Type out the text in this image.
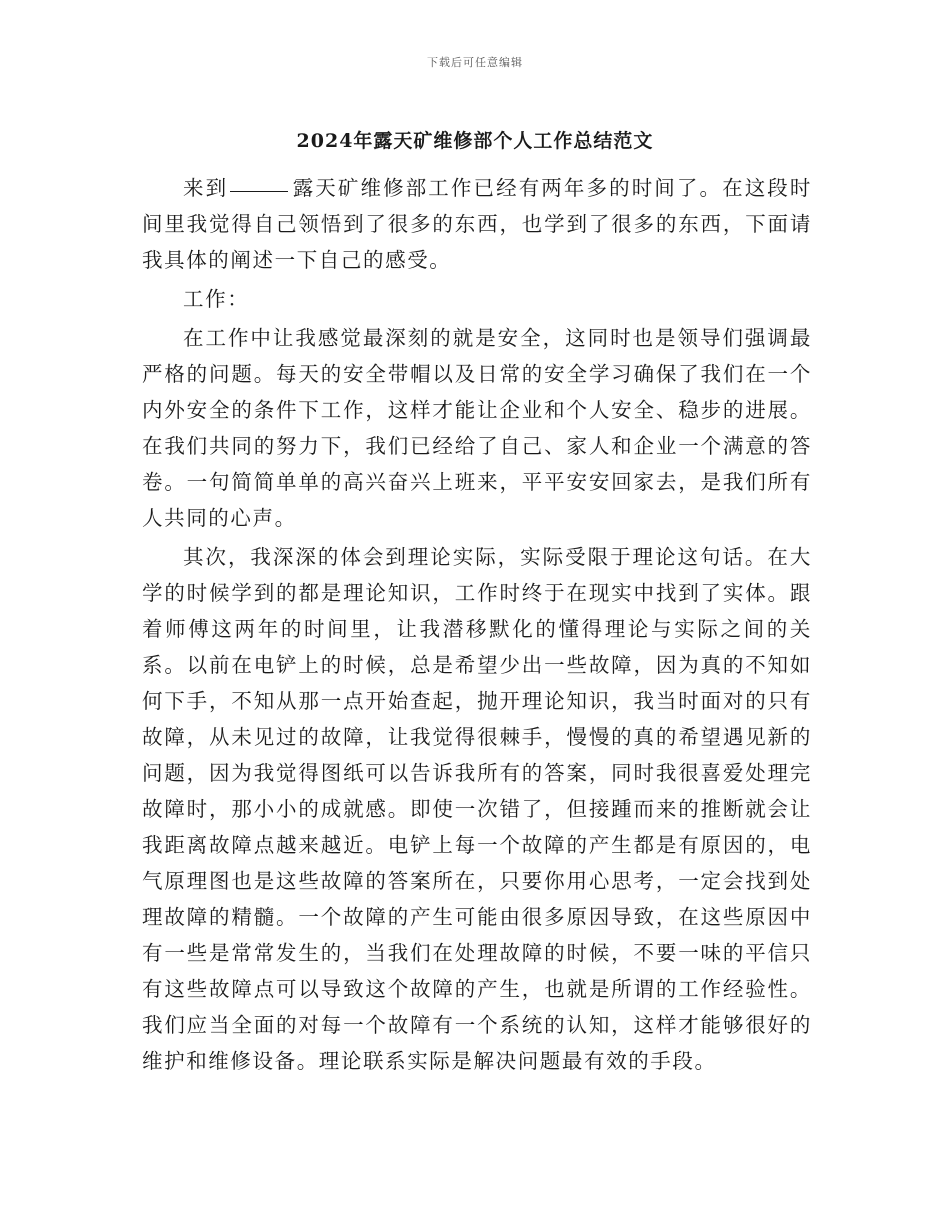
下载后可任意编辑
2024年露天矿维修部个人工作总结范文

来到	露天矿维修部工作已经有两年多的时间了。在这段时间里我觉得自己领悟到了很多的东西，也学到了很多的东西，下面请我具体的阐述一下自己的感受。

工作：

在工作中让我感觉最深刻的就是安全，这同时也是领导们强调最严格的问题。每天的安全带帽以及日常的安全学习确保了我们在一个内外安全的条件下工作，这样才能让企业和个人安全、稳步的进展。在我们共同的努力下，我们已经给了自己、家人和企业一个满意的答卷。一句简简单单的高兴奋兴上班来，平平安安回家去，是我们所有人共同的心声。

其次，我深深的体会到理论实际，实际受限于理论这句话。在大学的时候学到的都是理论知识，工作时终于在现实中找到了实体。跟着师傅这两年的时间里，让我潜移默化的懂得理论与实际之间的关系。以前在电铲上的时候，总是希望少出一些故障，因为真的不知如何下手，不知从那一点开始查起，抛开理论知识，我当时面对的只有故障，从未见过的故障，让我觉得很棘手，慢慢的真的希望遇见新的问题，因为我觉得图纸可以告诉我所有的答案，同时我很喜爱处理完故障时，那小小的成就感。即使一次错了，但接踵而来的推断就会让我距离故障点越来越近。电铲上每一个故障的产生都是有原因的，电气原理图也是这些故障的答案所在，只要你用心思考，一定会找到处理故障的精髓。一个故障的产生可能由很多原因导致，在这些原因中有一些是常常发生的，当我们在处理故障的时候，不要一味的平信只有这些故障点可以导致这个故障的产生，也就是所谓的工作经验性。我们应当全面的对每一个故障有一个系统的认知，这样才能够很好的维护和维修设备。理论联系实际是解决问题最有效的手段。
